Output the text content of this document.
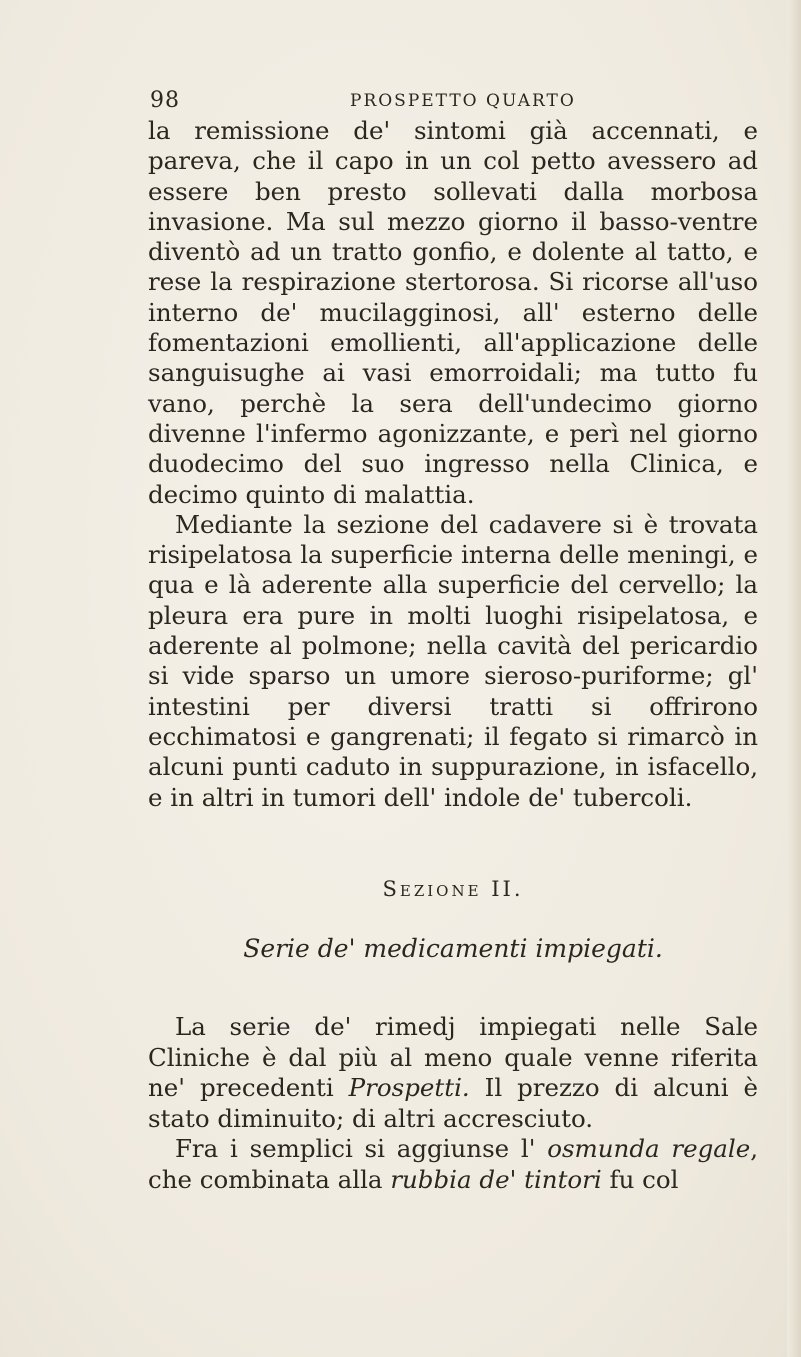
98	PROSPETTO QUARTO

la remissione de' sintomi già accennati, e pareva, che il capo in un col petto avessero ad essere ben presto sollevati dalla morbosa invasione. Ma sul mezzo giorno il basso-ventre diventò ad un tratto gonfio, e dolente al tatto, e rese la respirazione stertorosa. Si ricorse all'uso interno de' mucilagginosi, all' esterno delle fomentazioni emollienti, all'applicazione delle sanguisughe ai vasi emorroidali; ma tutto fu vano, perchè la sera dell'undecimo giorno divenne l'infermo agonizzante, e perì nel giorno duodecimo del suo ingresso nella Clinica, e decimo quinto di malattia.

Mediante la sezione del cadavere si è trovata risipelatosa la superficie interna delle meningi, e qua e là aderente alla superficie del cervello; la pleura era pure in molti luoghi risipelatosa, e aderente al polmone; nella cavità del pericardio si vide sparso un umore sieroso-puriforme; gl' intestini per diversi tratti si offrirono ecchimatosi e gangrenati; il fegato si rimarcò in alcuni punti caduto in suppurazione, in isfacello, e in altri in tumori dell' indole de' tubercoli.

Sezione II.
Serie de' medicamenti impiegati.

La serie de' rimedj impiegati nelle Sale Cliniche è dal più al meno quale venne riferita ne' precedenti Prospetti. Il prezzo di alcuni è stato diminuito; di altri accresciuto.

Fra i semplici si aggiunse l' osmunda regale, che combinata alla rubbia de' tintori fu col
